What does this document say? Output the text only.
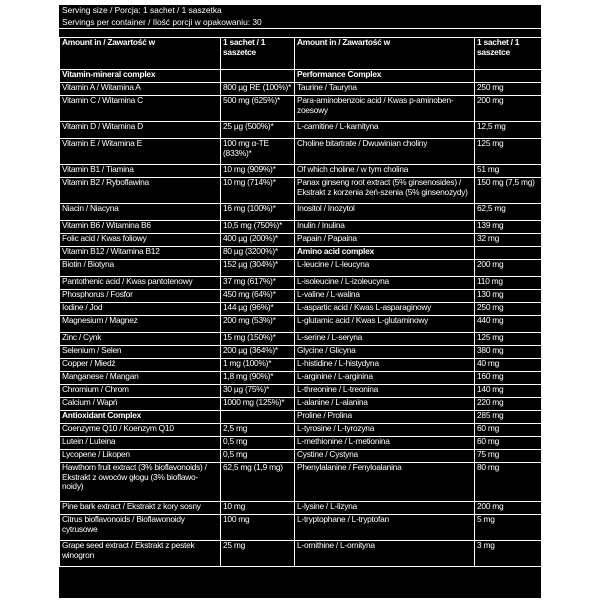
Serving size / Porcja: 1 sachet / 1 saszetka
Servings per container / Ilość porcji w opakowaniu: 30
Amount in / Zawartość w	1 sachet / 1 saszetce	Amount in / Zawartość w	1 sachet / 1 saszetce
Vitamin-mineral complex		Performance Complex	
Vitamin A / Witamina A	800 µg RE (100%)*	Taurine / Tauryna	250 mg
Vitamin C / Witamina C	500 mg (625%)*	Para-aminobenzoic acid / Kwas p-aminoben-zoesowy	200 mg
Vitamin D / Witamina D	25 µg (500%)*	L-carnitine / L-karnityna	12,5 mg
Vitamin E / Witamina E	100 mg α-TE (833%)*	Choline bitartrate / Dwuwinian choliny	125 mg
Vitamin B1 / Tiamina	10 mg (909%)*	Of which choline / w tym cholina	51 mg
Vitamin B2 / Ryboflawina	10 mg (714%)*	Panax ginseng root extract (5% ginsenosides) / Ekstrakt z korzenia żeń-szenia (5% ginsenozydy)	150 mg (7,5 mg)
Niacin / Niacyna	16 mg (100%)*	Inositol / Inozytol	62,5 mg
Vitamin B6 / Witamina B6	10,5 mg (750%)*	Inulin / Inulina	139 mg
Folic acid / Kwas foliowy	400 µg (200%)*	Papain / Papaina	32 mg
Vitamin B12 / Witamina B12	80 µg (3200%)*	Amino acid complex	
Biotin / Biotyna	152 µg (304%)*	L-leucine / L-leucyna	200 mg
Pantothenic acid / Kwas pantotenowy	37 mg (617%)*	L-isoleucine / L-izoleucyna	110 mg
Phosphorus / Fosfor	450 mg (64%)*	L-valine / L-walina	130 mg
Iodine / Jod	144 µg (96%)*	L-aspartic acid / Kwas L-asparaginowy	250 mg
Magnesium / Magnez	200 mg (53%)*	L-glutamic acid / Kwas L-glutaminowy	440 mg
Zinc / Cynk	15 mg (150%)*	L-serine / L-seryna	125 mg
Selenium / Selen	200 µg (364%)*	Glycine / Glicyna	380 mg
Copper / Miedź	1 mg (100%)*	L-histidine / L-histydyna	40 mg
Manganese / Mangan	1,8 mg (90%)*	L-arginine / L-arginina	160 mg
Chromium / Chrom	30 µg (75%)*	L-threonine / L-treonina	140 mg
Calcium / Wapń	1000 mg (125%)*	L-alanine / L-alanina	220 mg
Antioxidant Complex		Proline / Prolina	285 mg
Coenzyme Q10 / Koenzym Q10	2,5 mg	L-tyrosine / L-tyrozyna	60 mg
Lutein / Luteina	0,5 mg	L-methionine / L-metionina	60 mg
Lycopene / Likopen	0,5 mg	Cystine / Cystyna	75 mg
Hawthorn fruit extract (3% bioflavonoids) / Ekstrakt z owoców głogu (3% bioflawo-noidy)	62,5 mg (1,9 mg)	Phenylalanine / Fenyloalanina	80 mg
Pine bark extract / Ekstrakt z kory sosny	10 mg	L-lysine / L-lizyna	200 mg
Citrus bioflavonoids / Bioflawonoidy cytrusowe	100 mg	L-tryptophane / L-tryptofan	5 mg
Grape seed extract / Ekstrakt z pestek winogron	25 mg	L-ornithine / L-ornityna	3 mg
